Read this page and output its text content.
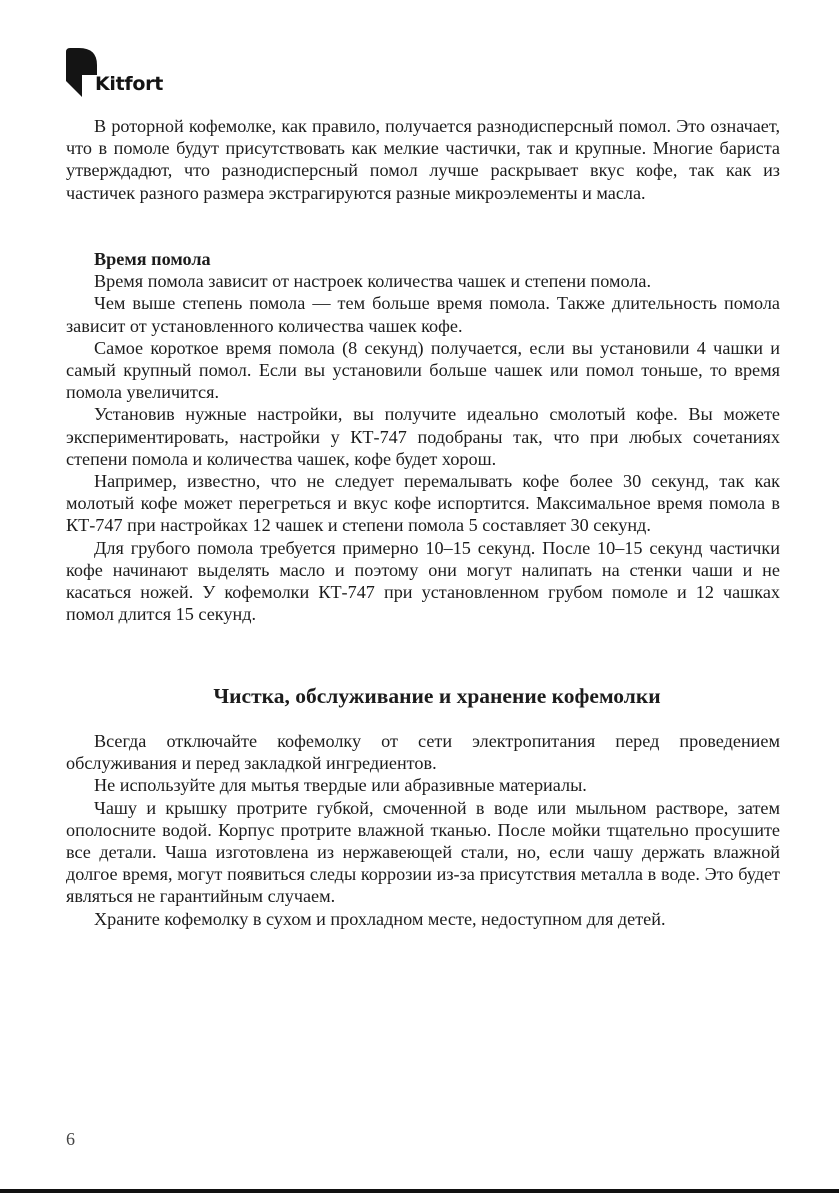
Kitfort

В роторной кофемолке, как правило, получается разнодисперсный помол. Это означает, что в помоле будут присутствовать как мелкие частички, так и крупные. Многие бариста утверждадют, что разнодисперсный помол лучше раскрывает вкус кофе, так как из частичек разного размера экстрагируются разные микроэлементы и масла.

Время помола

Время помола зависит от настроек количества чашек и степени помола.

Чем выше степень помола — тем больше время помола. Также длительность помола зависит от установленного количества чашек кофе.

Самое короткое время помола (8 секунд) получается, если вы установили 4 чашки и самый крупный помол. Если вы установили больше чашек или помол тоньше, то время помола увеличится.

Установив нужные настройки, вы получите идеально смолотый кофе. Вы можете экспериментировать, настройки у КТ-747 подобраны так, что при любых сочетаниях степени помола и количества чашек, кофе будет хорош.

Например, известно, что не следует перемалывать кофе более 30 секунд, так как молотый кофе может перегреться и вкус кофе испортится. Максимальное время помола в КТ-747 при настройках 12 чашек и степени помола 5 составляет 30 секунд.

Для грубого помола требуется примерно 10–15 секунд. После 10–15 секунд частички кофе начинают выделять масло и поэтому они могут налипать на стенки чаши и не касаться ножей. У кофемолки КТ-747 при установленном грубом помоле и 12 чашках помол длится 15 секунд.

Чистка, обслуживание и хранение кофемолки

Всегда отключайте кофемолку от сети электропитания перед проведением обслуживания и перед закладкой ингредиентов.

Не используйте для мытья твердые или абразивные материалы.

Чашу и крышку протрите губкой, смоченной в воде или мыльном растворе, затем ополосните водой. Корпус протрите влажной тканью. После мойки тщательно просушите все детали. Чаша изготовлена из нержавеющей стали, но, если чашу держать влажной долгое время, могут появиться следы коррозии из-за присутствия металла в воде. Это будет являться не гарантийным случаем.

Храните кофемолку в сухом и прохладном месте, недоступном для детей.

6
